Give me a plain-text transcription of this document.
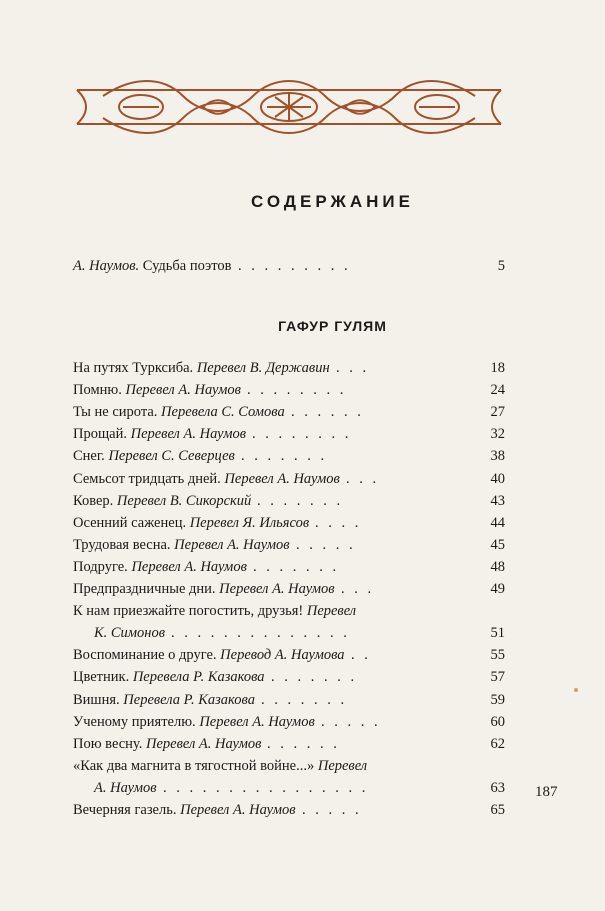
СОДЕРЖАНИЕ
А. Наумов. Судьба поэтов . . . . . . . . .	5
ГАФУР ГУЛЯМ
На путях Турксиба. Перевел В. Державин . . .	18
Помню. Перевел А. Наумов . . . . . . . .	24
Ты не сирота. Перевела С. Сомова . . . . . .	27
Прощай. Перевел А. Наумов . . . . . . . .	32
Снег. Перевел С. Северцев . . . . . . .	38
Семьсот тридцать дней. Перевел А. Наумов . . .	40
Ковер. Перевел В. Сикорский . . . . . . .	43
Осенний саженец. Перевел Я. Ильясов . . . .	44
Трудовая весна. Перевел А. Наумов . . . . .	45
Подруге. Перевел А. Наумов . . . . . . .	48
Предпраздничные дни. Перевел А. Наумов . . .	49
К нам приезжайте погостить, друзья! Перевел
К. Симонов . . . . . . . . . . . . . .	51
Воспоминание о друге. Перевод А. Наумова . .	55
Цветник. Перевела Р. Казакова . . . . . . .	57
Вишня. Перевела Р. Казакова . . . . . . .	59
Ученому приятелю. Перевел А. Наумов . . . . .	60
Пою весну. Перевел А. Наумов . . . . . .	62
«Как два магнита в тягостной войне...» Перевел
А. Наумов . . . . . . . . . . . . . . . .	63
Вечерняя газель. Перевел А. Наумов . . . . .	65
187
